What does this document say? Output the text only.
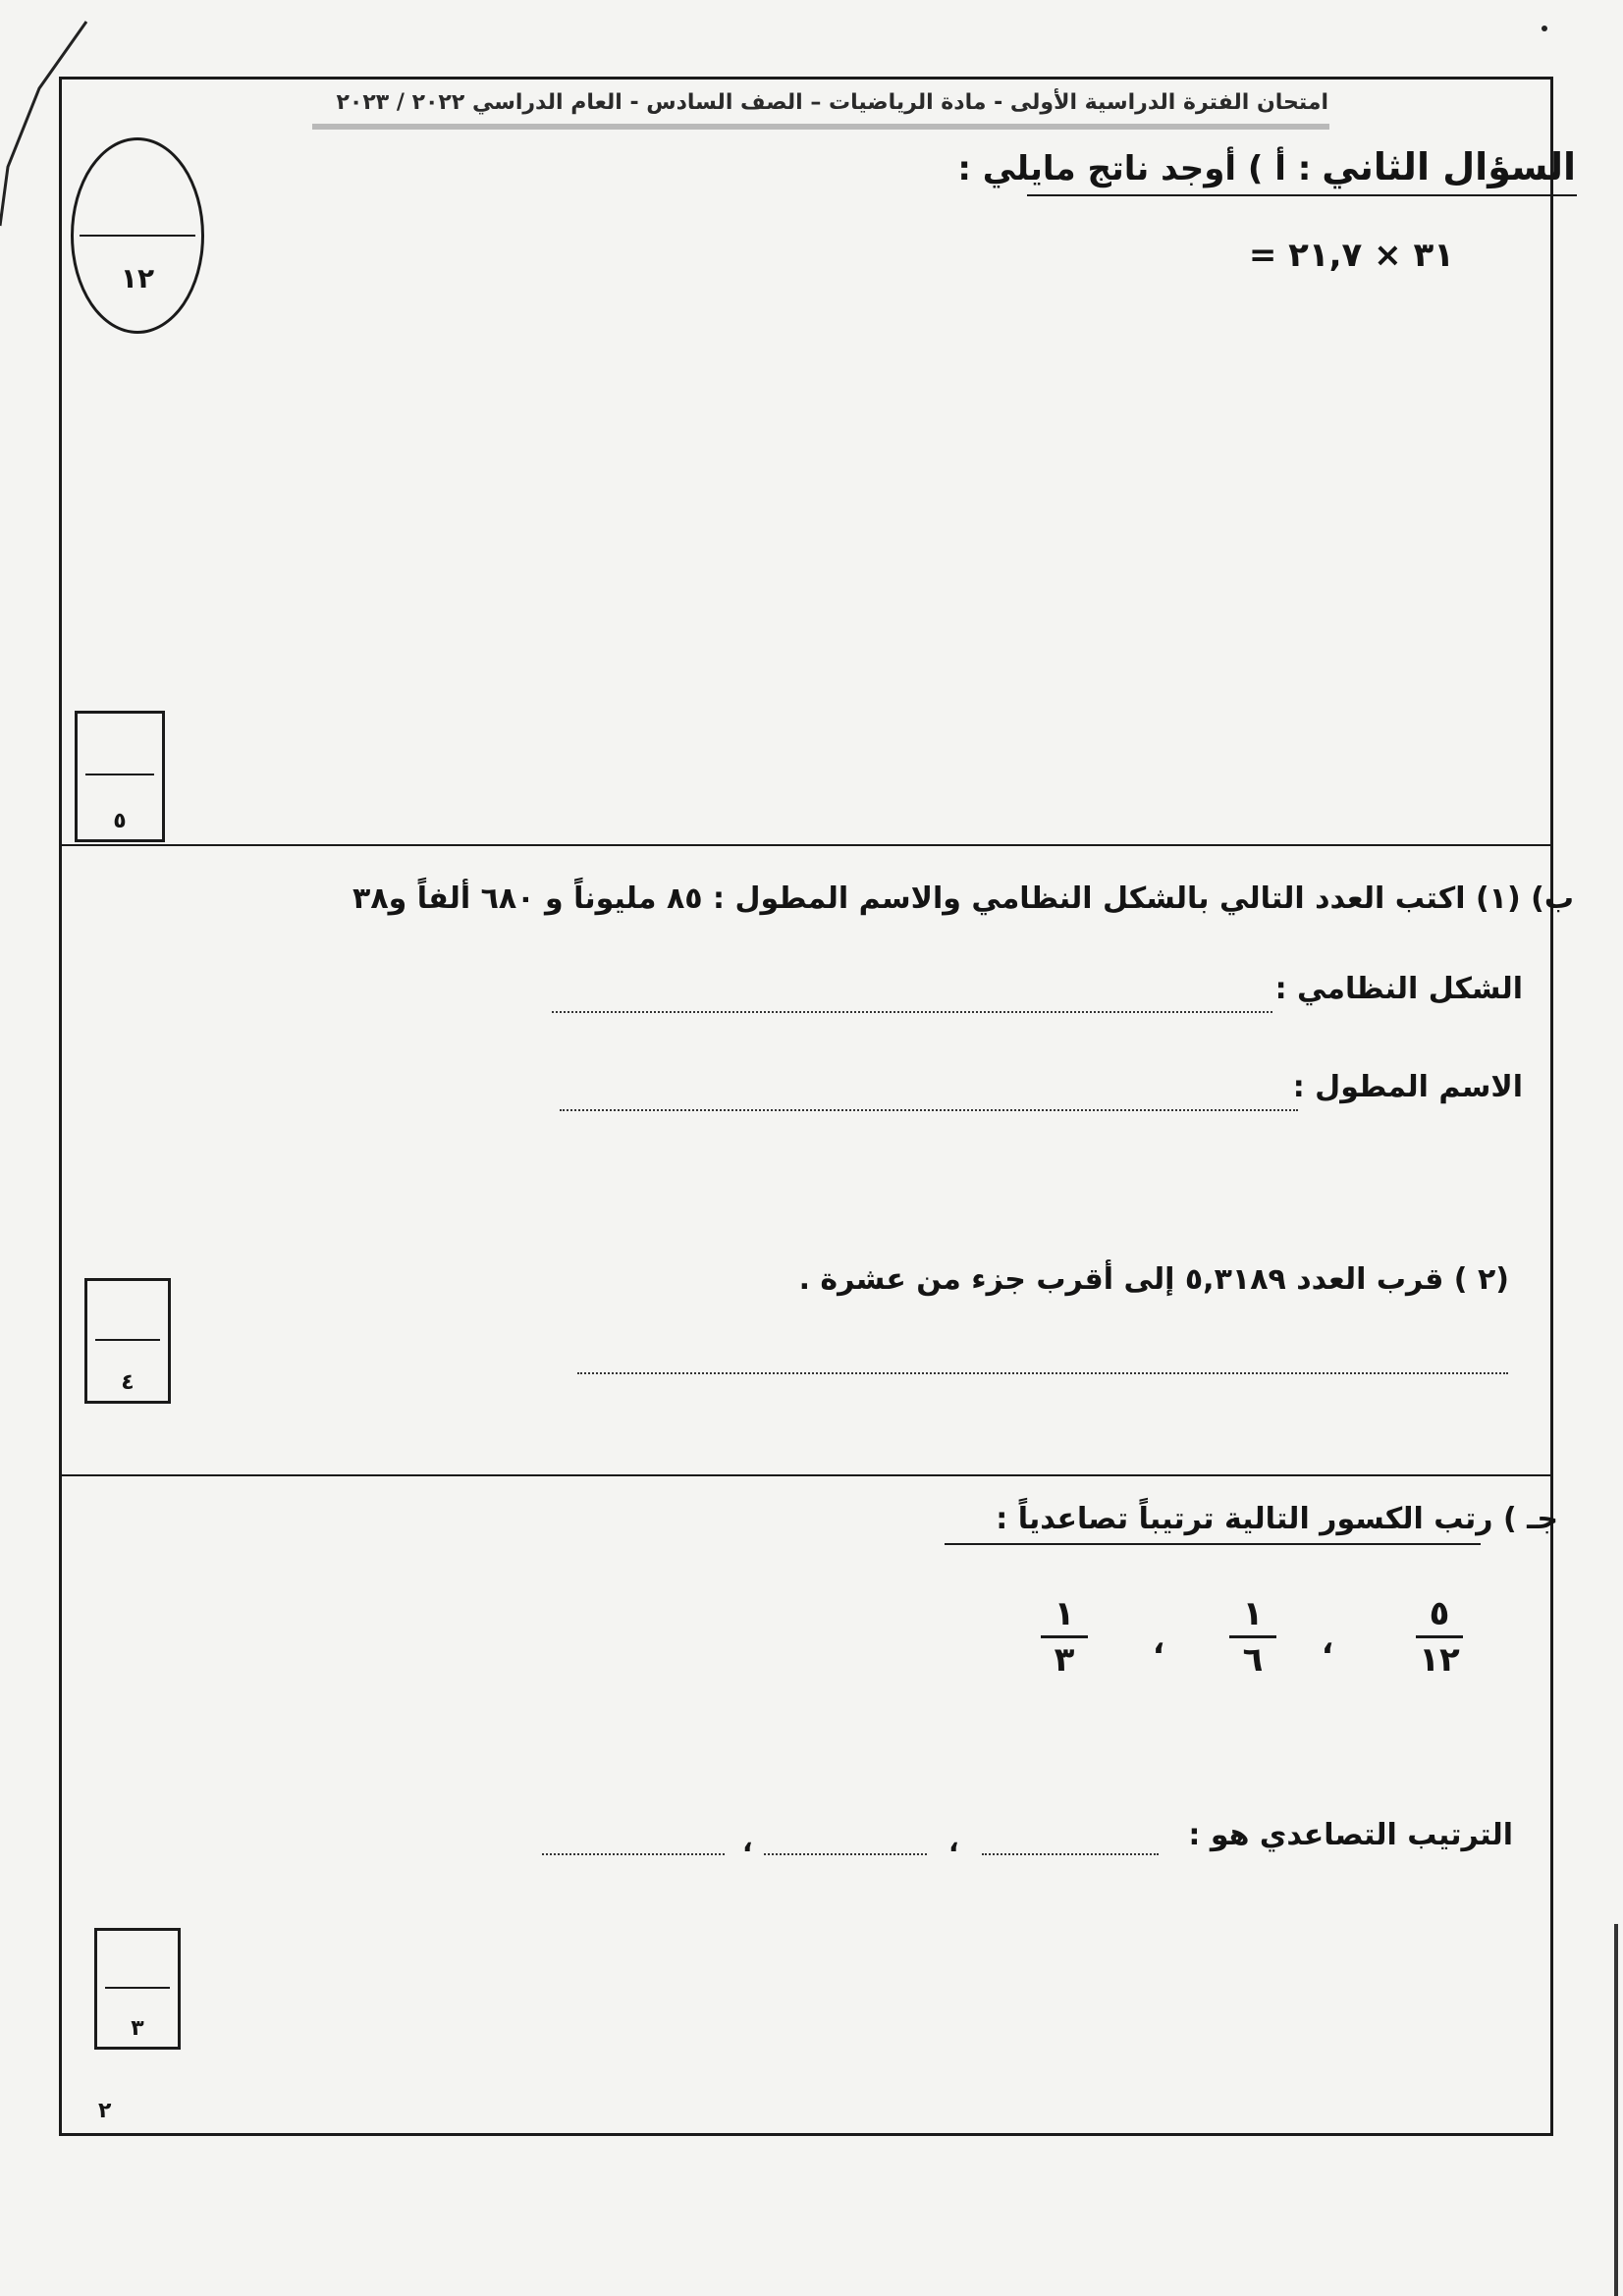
امتحان الفترة الدراسية الأولى - مادة الرياضيات – الصف السادس - العام الدراسي ٢٠٢٢ / ٢٠٢٣
١٢
السؤال الثاني : أ ) أوجد ناتج مايلي :
= ٣١ × ٢١,٧
٥
ب) (١) اكتب العدد التالي بالشكل النظامي والاسم المطول : ٨٥ مليوناً و ٦٨٠ ألفاً و٣٨
الشكل النظامي :
الاسم المطول :
(٢ ) قرب العدد ٥,٣١٨٩ إلى أقرب جزء من عشرة .
٤
جـ ) رتب الكسور التالية ترتيباً تصاعدياً :
٥
١٢
،
١
٦
،
١
٣
الترتيب التصاعدي هو :
،
،
٣
٢
